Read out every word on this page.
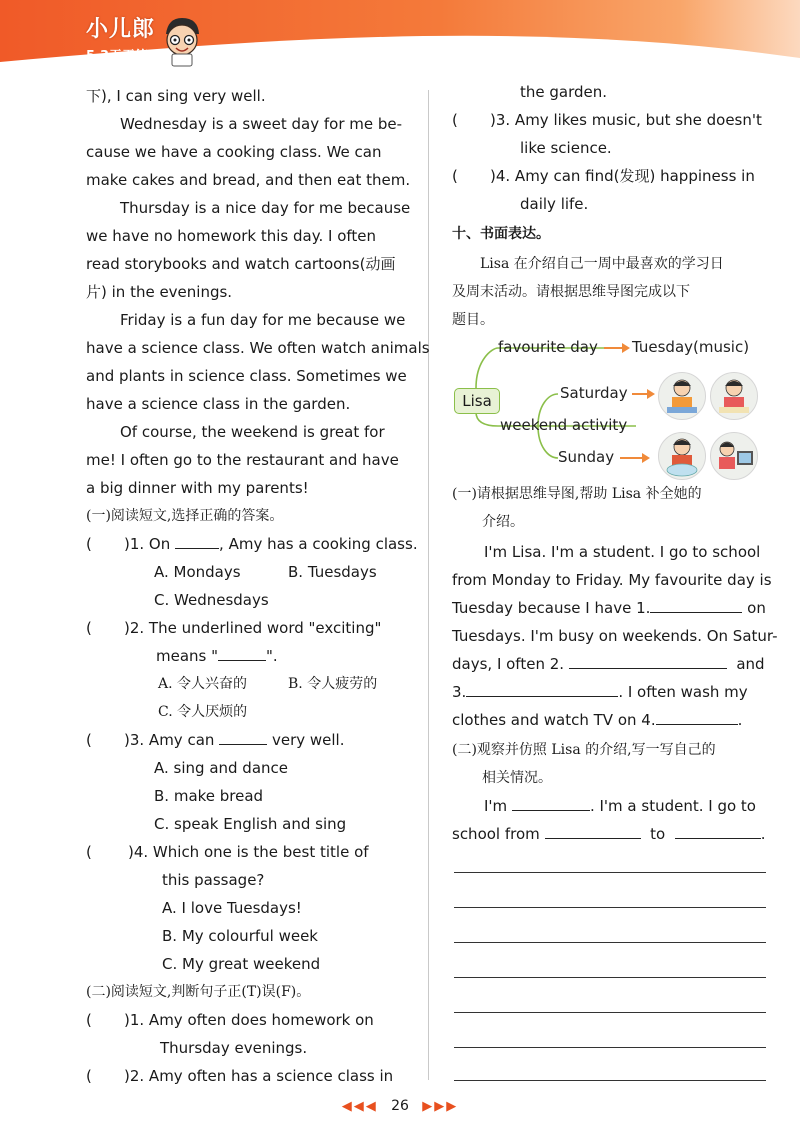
小儿郎
5·3天天练
下), I can sing very well.
Wednesday is a sweet day for me be-
cause we have a cooking class. We can
make cakes and bread, and then eat them.
Thursday is a nice day for me because
we have no homework this day. I often
read storybooks and watch cartoons(动画
片) in the evenings.
Friday is a fun day for me because we
have a science class. We often watch animals
and plants in science class. Sometimes we
have a science class in the garden.
Of course, the weekend is great for
me! I often go to the restaurant and have
a big dinner with my parents!
(一)阅读短文,选择正确的答案。
( )1. On	, Amy has a cooking class.
A. Mondays	B. Tuesdays
C. Wednesdays
( )2. The underlined word "exciting"
means "	".
A. 令人兴奋的	B. 令人疲劳的
C. 令人厌烦的
( )3. Amy can	very well.
A. sing and dance
B. make bread
C. speak English and sing
( )4. Which one is the best title of
this passage?
A. I love Tuesdays!
B. My colourful week
C. My great weekend
(二)阅读短文,判断句子正(T)误(F)。
( )1. Amy often does homework on
Thursday evenings.
( )2. Amy often has a science class in
the garden.
( )3. Amy likes music, but she doesn't
like science.
( )4. Amy can find(发现) happiness in
daily life.
十、书面表达。
Lisa 在介绍自己一周中最喜欢的学习日
及周末活动。请根据思维导图完成以下
题目。
Lisa
favourite day Tuesday(music)
weekend activity
Saturday
Sunday
(一)请根据思维导图,帮助 Lisa 补全她的
介绍。
I'm Lisa. I'm a student. I go to school
from Monday to Friday. My favourite day is
Tuesday because I have 1.	on
Tuesdays. I'm busy on weekends. On Satur-
days, I often 2.	and
3.	. I often wash my
clothes and watch TV on 4.	.
(二)观察并仿照 Lisa 的介绍,写一写自己的
相关情况。
I'm	. I'm a student. I go to
school from	to	.
◀◀◀ 26 ▶▶▶
